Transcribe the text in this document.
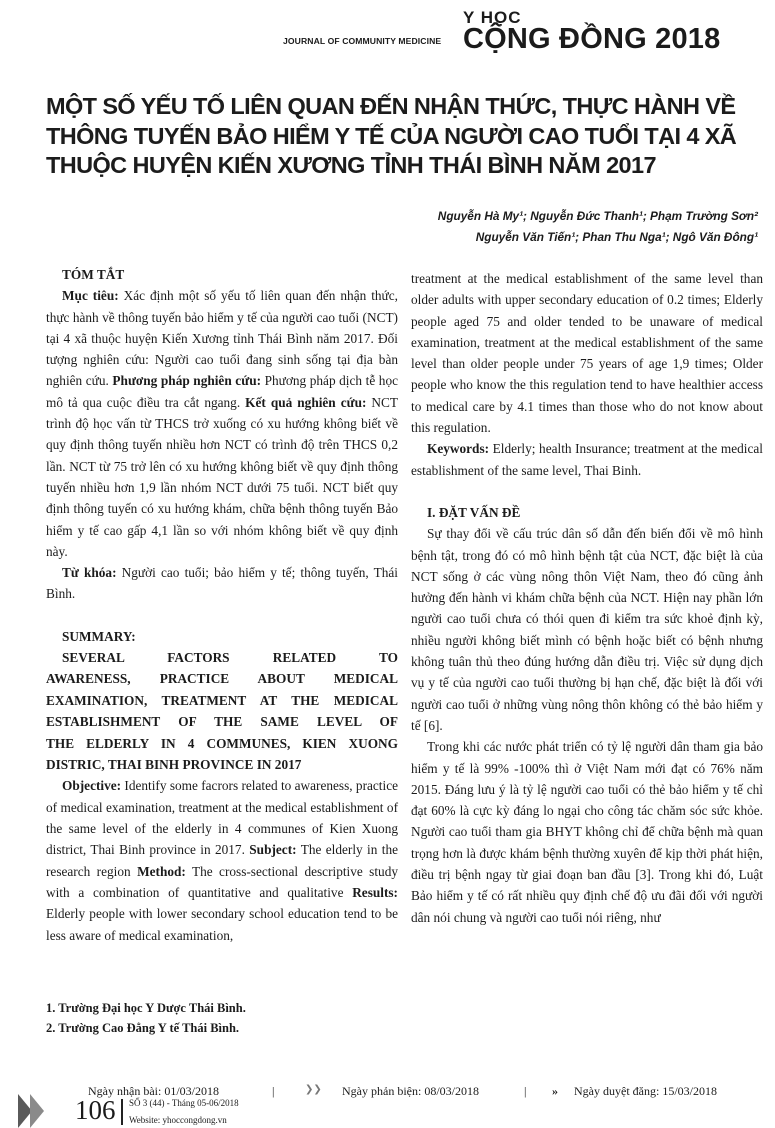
JOURNAL OF COMMUNITY MEDICINE
Y HỌC
CỘNG ĐỒNG 2018
MỘT SỐ YẾU TỐ LIÊN QUAN ĐẾN NHẬN THỨC, THỰC HÀNH VỀ
THÔNG TUYẾN BẢO HIỂM Y TẾ CỦA NGƯỜI CAO TUỔI TẠI 4 XÃ
THUỘC HUYỆN KIẾN XƯƠNG TỈNH THÁI BÌNH NĂM 2017
Nguyễn Hà My¹; Nguyễn Đức Thanh¹; Phạm Trường Sơn²
Nguyễn Văn Tiến¹; Phan Thu Nga¹; Ngô Văn Đông¹

TÓM TẮT

Mục tiêu: Xác định một số yếu tố liên quan đến nhận thức, thực hành về thông tuyến bảo hiểm y tế của người cao tuổi (NCT) tại 4 xã thuộc huyện Kiến Xương tỉnh Thái Bình năm 2017. Đối tượng nghiên cứu: Người cao tuổi đang sinh sống tại địa bàn nghiên cứu. Phương pháp nghiên cứu: Phương pháp dịch tễ học mô tả qua cuộc điều tra cắt ngang. Kết quả nghiên cứu: NCT trình độ học vấn từ THCS trở xuống có xu hướng không biết về quy định thông tuyến nhiều hơn NCT có trình độ trên THCS 0,2 lần. NCT từ 75 trở lên có xu hướng không biết về quy định thông tuyến nhiều hơn 1,9 lần nhóm NCT dưới 75 tuổi. NCT biết quy định thông tuyến có xu hướng khám, chữa bệnh thông tuyến Bảo hiểm y tế cao gấp 4,1 lần so với nhóm không biết về quy định này.

Từ khóa: Người cao tuổi; bảo hiểm y tế; thông tuyến, Thái Bình.

SUMMARY:

SEVERAL FACTORS RELATED TO
AWARENESS, PRACTICE ABOUT MEDICAL
EXAMINATION, TREATMENT AT THE MEDICAL
ESTABLISHMENT OF THE SAME LEVEL OF
THE ELDERLY IN 4 COMMUNES, KIEN XUONG
DISTRIC, THAI BINH PROVINCE IN 2017

Objective: Identify some facrors related to awareness, practice of medical examination, treatment at the medical establishment of the same level of the elderly in 4 communes of Kien Xuong district, Thai Binh province in 2017. Subject: The elderly in the research region Method: The cross-sectional descriptive study with a combination of quantitative and qualitative Results: Elderly people with lower secondary school education tend to be less aware of medical examination,

treatment at the medical establishment of the same level than older adults with upper secondary education of 0.2 times; Elderly people aged 75 and older tended to be unaware of medical examination, treatment at the medical establishment of the same level than older people under 75 years of age 1,9 times; Older people who know the this regulation tend to have healthier access to medical care by 4.1 times than those who do not know about this regulation.

Keywords: Elderly; health Insurance; treatment at the medical establishment of the same level, Thai Binh.

I. ĐẶT VẤN ĐỀ

Sự thay đổi về cấu trúc dân số dẫn đến biến đổi về mô hình bệnh tật, trong đó có mô hình bệnh tật của NCT, đặc biệt là của NCT sống ở các vùng nông thôn Việt Nam, theo đó cũng ảnh hưởng đến hành vi khám chữa bệnh của NCT. Hiện nay phần lớn người cao tuổi chưa có thói quen đi kiểm tra sức khoẻ định kỳ, nhiều người không biết mình có bệnh hoặc biết có bệnh nhưng không tuân thủ theo đúng hướng dẫn điều trị. Việc sử dụng dịch vụ y tế của người cao tuổi thường bị hạn chế, đặc biệt là đối với người cao tuổi ở những vùng nông thôn không có thẻ bảo hiểm y tế [6].

Trong khi các nước phát triển có tỷ lệ người dân tham gia bảo hiểm y tế là 99% -100% thì ở Việt Nam mới đạt có 76% năm 2015. Đáng lưu ý là tỷ lệ người cao tuổi có thẻ bảo hiểm y tế chỉ đạt 60% là cực kỳ đáng lo ngại cho công tác chăm sóc sức khỏe. Người cao tuổi tham gia BHYT không chỉ để chữa bệnh mà quan trọng hơn là được khám bệnh thường xuyên để kịp thời phát hiện, điều trị bệnh ngay từ giai đoạn ban đầu [3]. Trong khi đó, Luật Bảo hiểm y tế có rất nhiều quy định chế độ ưu đãi đối với người dân nói chung và người cao tuổi nói riêng, như

1. Trường Đại học Y Dược Thái Bình.
2. Trường Cao Đẳng Y tế Thái Bình.
Ngày nhận bài: 01/03/2018	|	❯❯ Ngày phản biện: 08/03/2018	| » Ngày duyệt đăng: 15/03/2018
106 SỐ 3 (44) - Tháng 05-06/2018
Website: yhoccongdong.vn
